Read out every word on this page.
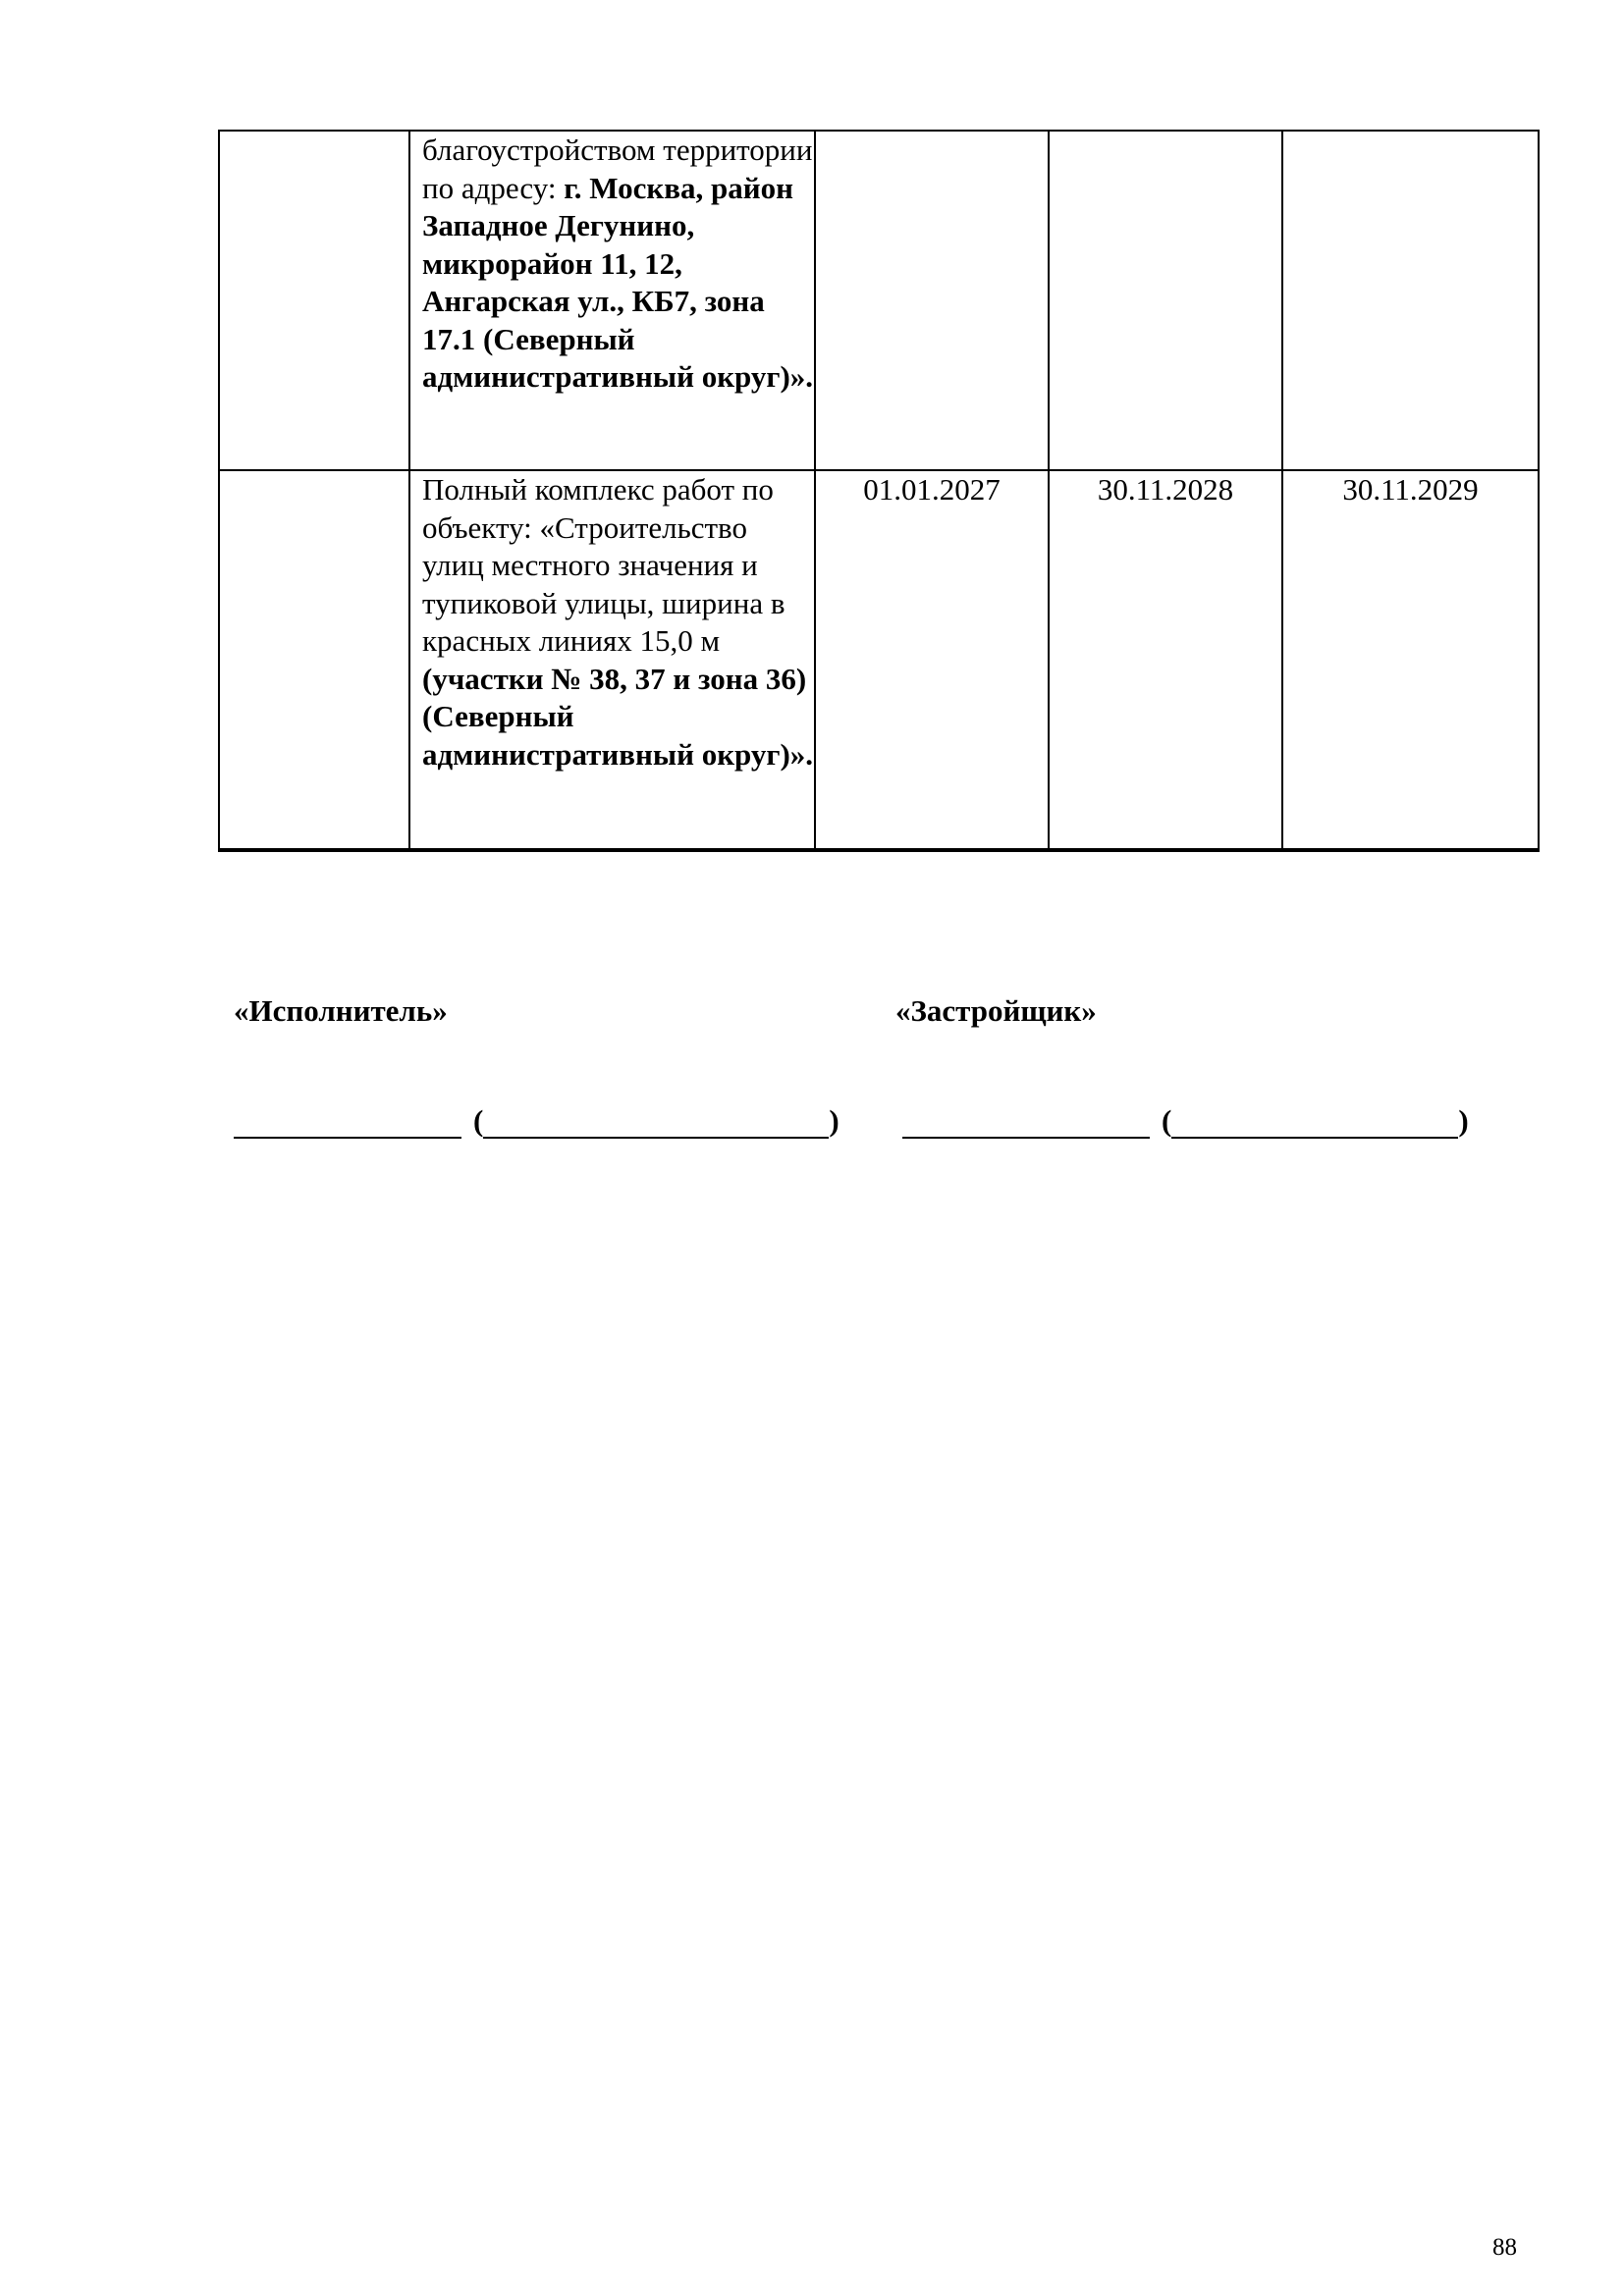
	благоустройством территории по адресу: г. Москва, район Западное Дегунино, микрорайон 11, 12, Ангарская ул., КБ7, зона 17.1 (Северный административный округ)».			
	Полный комплекс работ по объекту: «Строительство улиц местного значения и тупиковой улицы, ширина в красных линиях 15,0 м (участки № 38, 37 и зона 36) (Северный административный округ)».	01.01.2027	30.11.2028	30.11.2029
«Исполнитель»	«Застройщик»
(	)	(	)
88
